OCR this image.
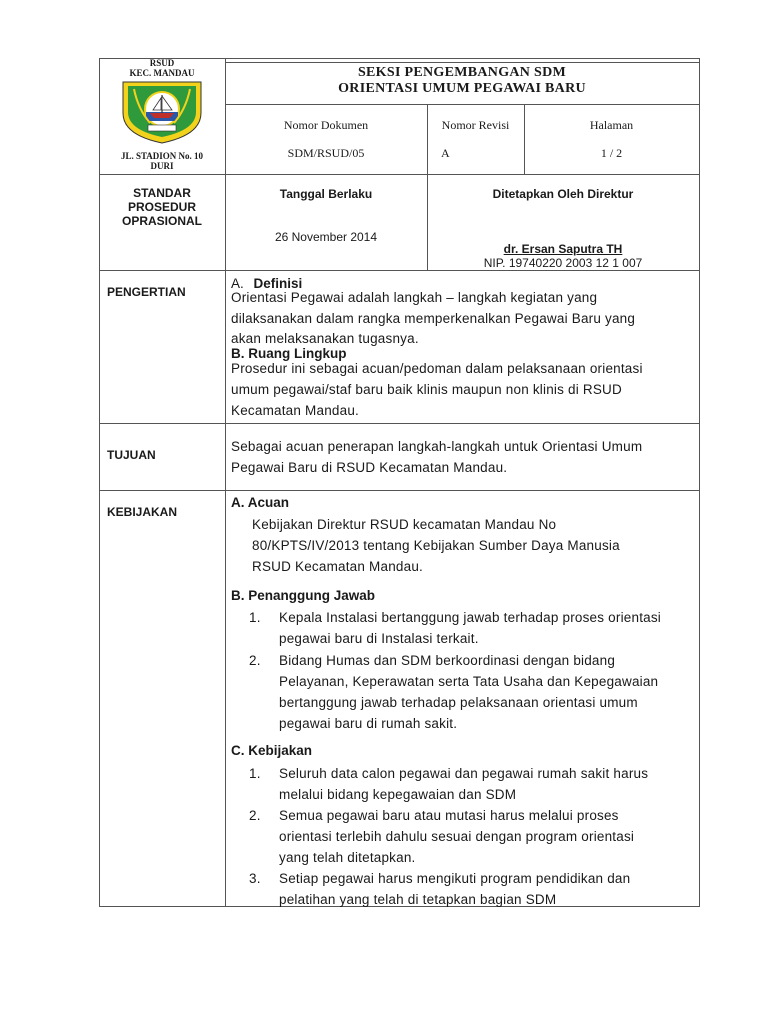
RSUD
KEC. MANDAU
JL. STADION No. 10
DURI
SEKSI PENGEMBANGAN SDM
ORIENTASI UMUM PEGAWAI BARU
Nomor Dokumen
SDM/RSUD/05
Nomor Revisi
A
Halaman
1 / 2
STANDAR
PROSEDUR
OPRASIONAL
Tanggal Berlaku
26 November 2014
Ditetapkan Oleh Direktur
dr. Ersan Saputra TH
NIP. 19740220 2003 12 1 007
PENGERTIAN
A. Definisi
Orientasi Pegawai adalah langkah – langkah kegiatan yang
dilaksanakan dalam rangka memperkenalkan Pegawai Baru yang
akan melaksanakan tugasnya.
B. Ruang Lingkup
Prosedur ini sebagai acuan/pedoman dalam pelaksanaan orientasi
umum pegawai/staf baru baik klinis maupun non klinis di RSUD
Kecamatan Mandau.
TUJUAN
Sebagai acuan penerapan langkah-langkah untuk Orientasi Umum
Pegawai Baru di RSUD Kecamatan Mandau.
KEBIJAKAN
A. Acuan
Kebijakan Direktur RSUD kecamatan Mandau No
80/KPTS/IV/2013 tentang Kebijakan Sumber Daya Manusia
RSUD Kecamatan Mandau.
B. Penanggung Jawab
1. Kepala Instalasi bertanggung jawab terhadap proses orientasi
pegawai baru di Instalasi terkait.
2. Bidang Humas dan SDM berkoordinasi dengan bidang
Pelayanan, Keperawatan serta Tata Usaha dan Kepegawaian
bertanggung jawab terhadap pelaksanaan orientasi umum
pegawai baru di rumah sakit.
C. Kebijakan
1. Seluruh data calon pegawai dan pegawai rumah sakit harus
melalui bidang kepegawaian dan SDM
2. Semua pegawai baru atau mutasi harus melalui proses
orientasi terlebih dahulu sesuai dengan program orientasi
yang telah ditetapkan.
3. Setiap pegawai harus mengikuti program pendidikan dan
pelatihan yang telah di tetapkan bagian SDM
